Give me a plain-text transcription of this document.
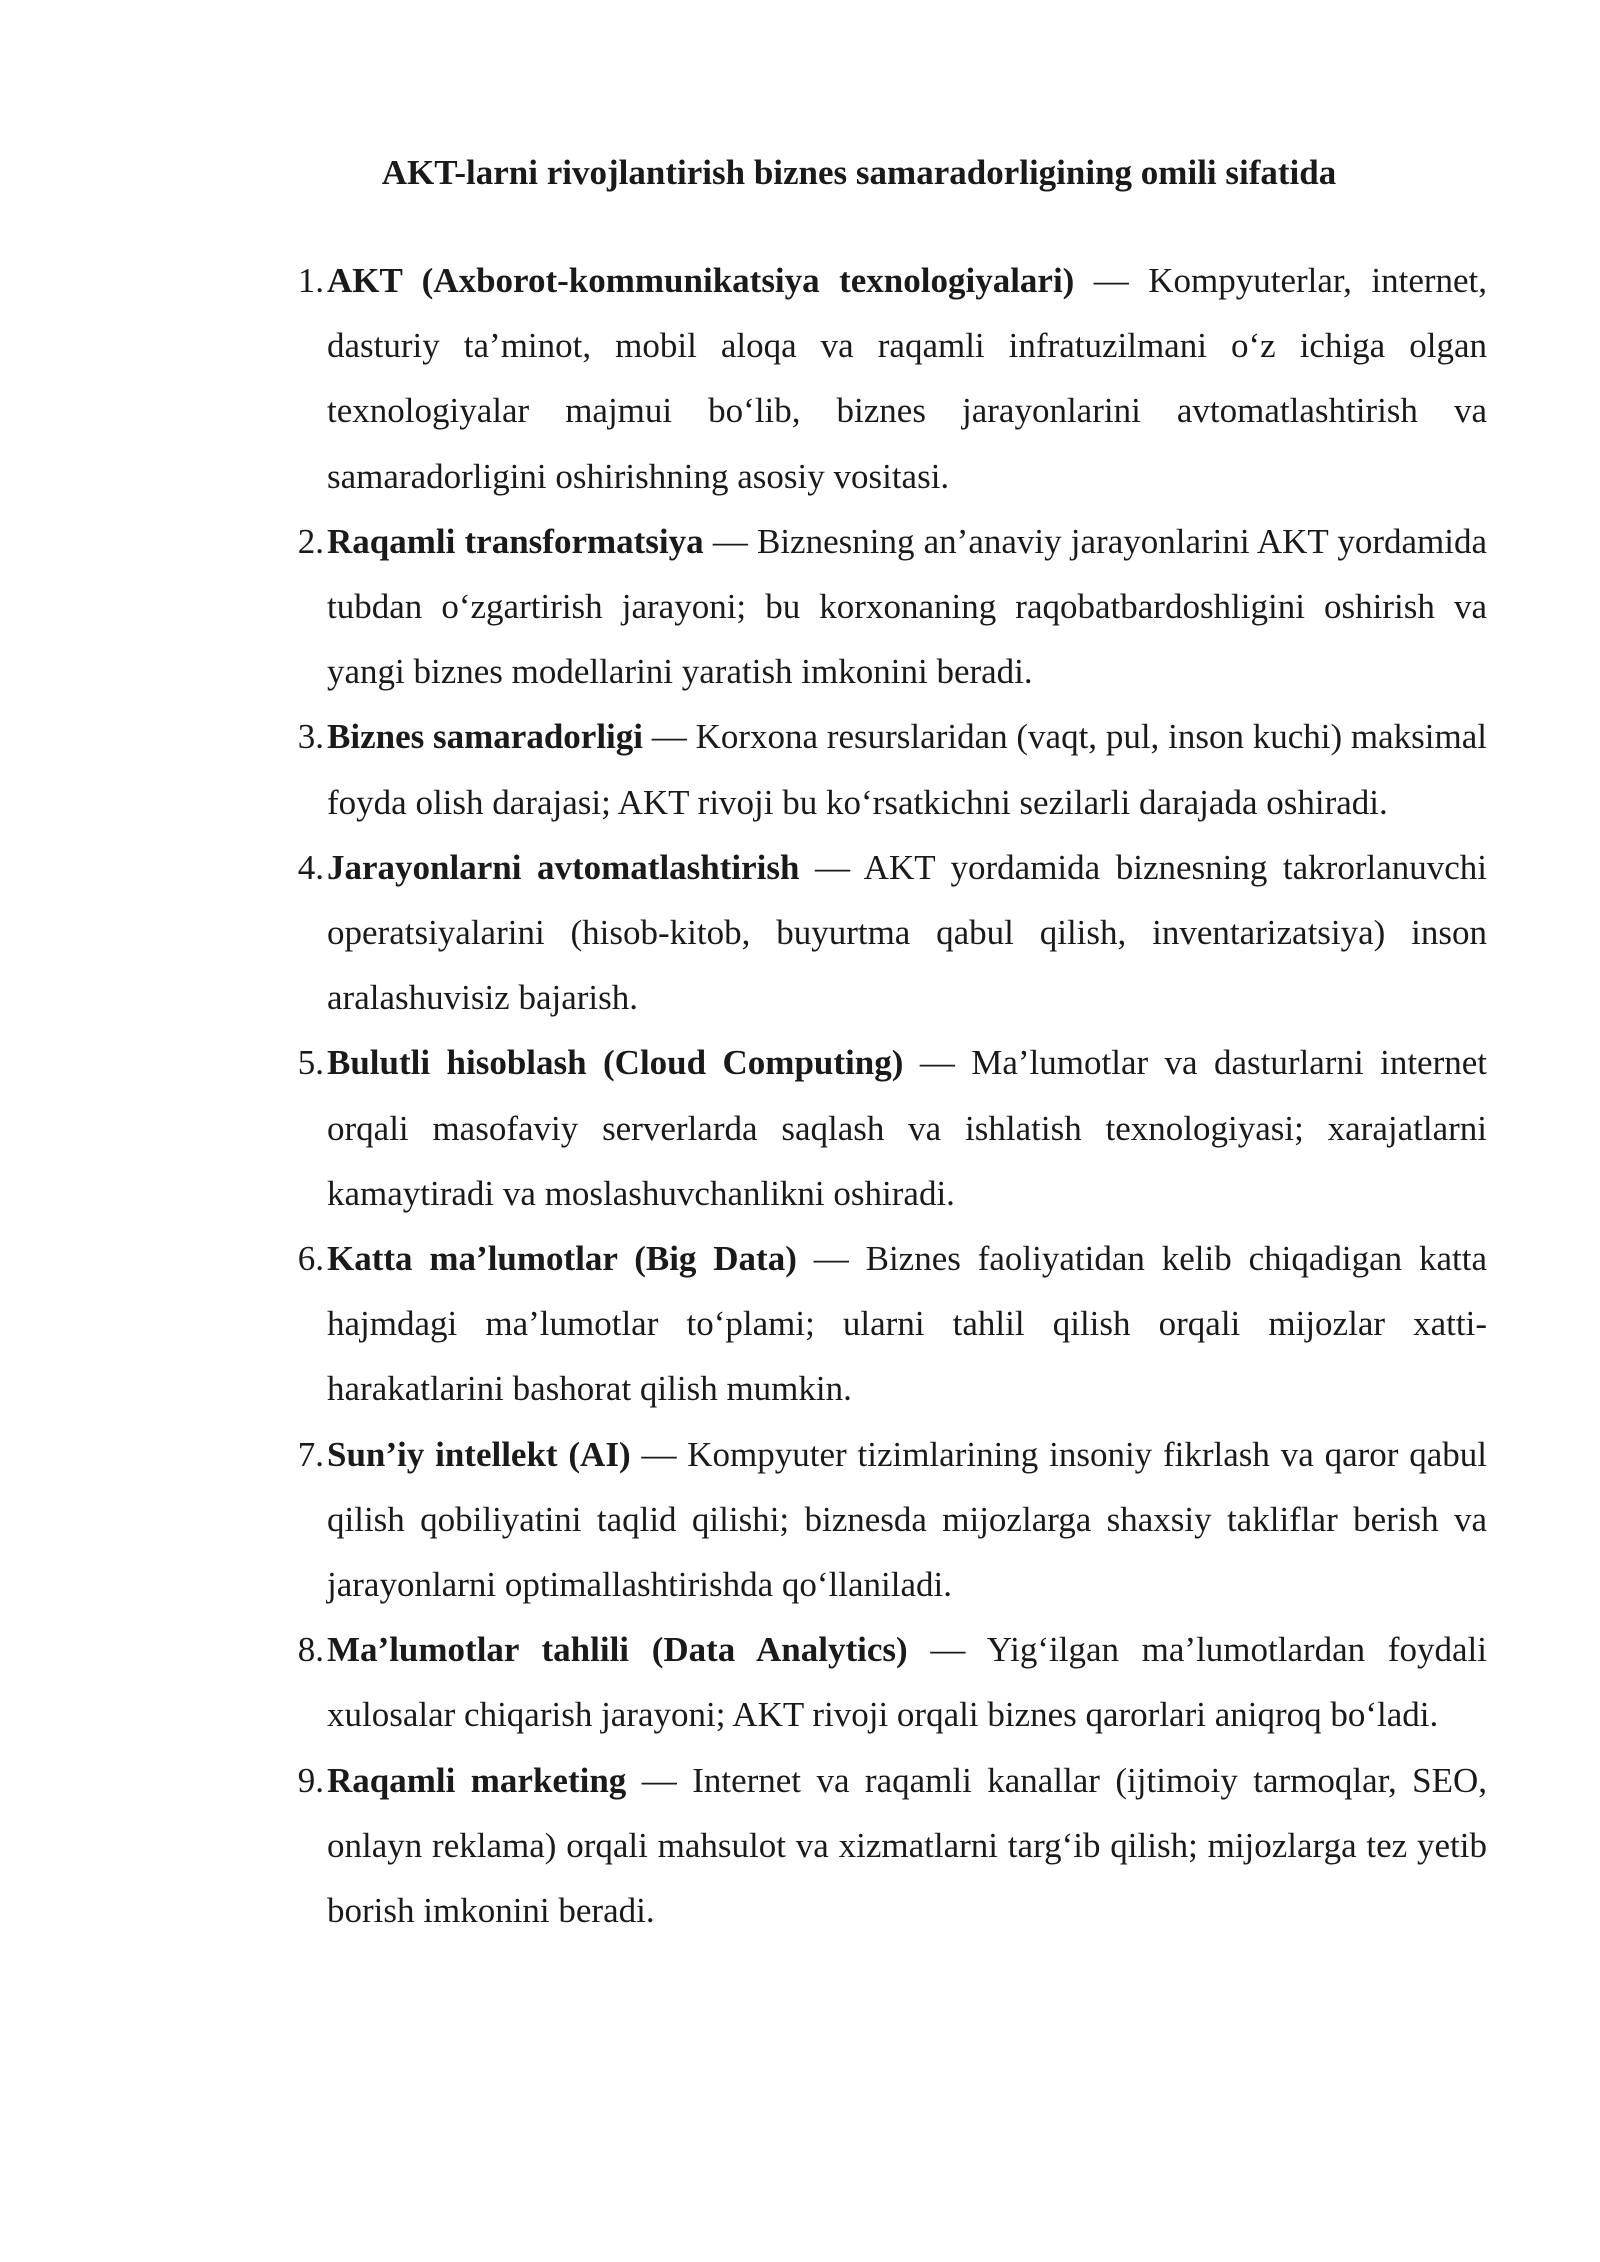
AKT-larni rivojlantirish biznes samaradorligining omili sifatida
1. AKT (Axborot-kommunikatsiya texnologiyalari) — Kompyuterlar, internet, dasturiy ta’minot, mobil aloqa va raqamli infratuzilmani o‘z ichiga olgan texnologiyalar majmui bo‘lib, biznes jarayonlarini avtomatlashtirish va samaradorligini oshirishning asosiy vositasi.
2. Raqamli transformatsiya — Biznesning an’anaviy jarayonlarini AKT yordamida tubdan o‘zgartirish jarayoni; bu korxonaning raqobatbardoshligini oshirish va yangi biznes modellarini yaratish imkonini beradi.
3. Biznes samaradorligi — Korxona resurslaridan (vaqt, pul, inson kuchi) maksimal foyda olish darajasi; AKT rivoji bu ko‘rsatkichni sezilarli darajada oshiradi.
4. Jarayonlarni avtomatlashtirish — AKT yordamida biznesning takrorlanuvchi operatsiyalarini (hisob-kitob, buyurtma qabul qilish, inventarizatsiya) inson aralashuvisiz bajarish.
5. Bulutli hisoblash (Cloud Computing) — Ma’lumotlar va dasturlarni internet orqali masofaviy serverlarda saqlash va ishlatish texnologiyasi; xarajatlarni kamaytiradi va moslashuvchanlikni oshiradi.
6. Katta ma’lumotlar (Big Data) — Biznes faoliyatidan kelib chiqadigan katta hajmdagi ma’lumotlar to‘plami; ularni tahlil qilish orqali mijozlar xatti-harakatlarini bashorat qilish mumkin.
7. Sun’iy intellekt (AI) — Kompyuter tizimlarining insoniy fikrlash va qaror qabul qilish qobiliyatini taqlid qilishi; biznesda mijozlarga shaxsiy takliflar berish va jarayonlarni optimallashtirishda qo‘llaniladi.
8. Ma’lumotlar tahlili (Data Analytics) — Yig‘ilgan ma’lumotlardan foydali xulosalar chiqarish jarayoni; AKT rivoji orqali biznes qarorlari aniqroq bo‘ladi.
9. Raqamli marketing — Internet va raqamli kanallar (ijtimoiy tarmoqlar, SEO, onlayn reklama) orqali mahsulot va xizmatlarni targ‘ib qilish; mijozlarga tez yetib borish imkonini beradi.
